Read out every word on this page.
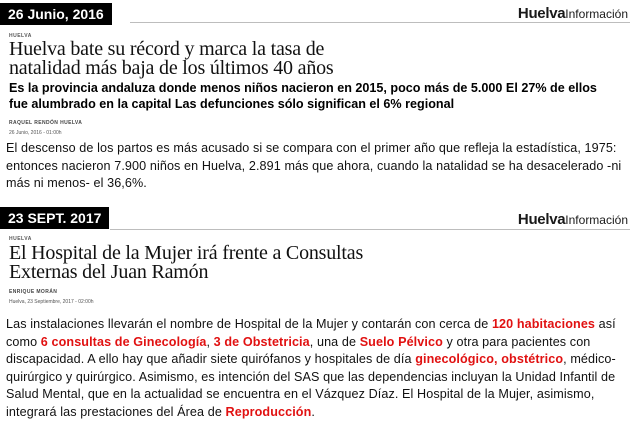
26 Junio, 2016	HuelvaInformación
HUELVA
Huelva bate su récord y marca la tasa de
natalidad más baja de los últimos 40 años
Es la provincia andaluza donde menos niños nacieron en 2015, poco más de 5.000 El 27% de ellos fue alumbrado en la capital Las defunciones sólo significan el 6% regional
RAQUEL RENDÓN HUELVA
26 Junio, 2016 - 01:00h
El descenso de los partos es más acusado si se compara con el primer año que refleja la estadística, 1975: entonces nacieron 7.900 niños en Huelva, 2.891 más que ahora, cuando la natalidad se ha desacelerado -ni más ni menos- el 36,6%.
23 SEPT. 2017	HuelvaInformación
HUELVA
El Hospital de la Mujer irá frente a Consultas
Externas del Juan Ramón
ENRIQUE MORÁN
Huelva, 23 Septiembre, 2017 - 02:00h
Las instalaciones llevarán el nombre de Hospital de la Mujer y contarán con cerca de 120 habitaciones así como 6 consultas de Ginecología, 3 de Obstetricia, una de Suelo Pélvico y otra para pacientes con discapacidad. A ello hay que añadir siete quirófanos y hospitales de día ginecológico, obstétrico, médico-quirúrgico y quirúrgico. Asimismo, es intención del SAS que las dependencias incluyan la Unidad Infantil de Salud Mental, que en la actualidad se encuentra en el Vázquez Díaz. El Hospital de la Mujer, asimismo, integrará las prestaciones del Área de Reproducción.
